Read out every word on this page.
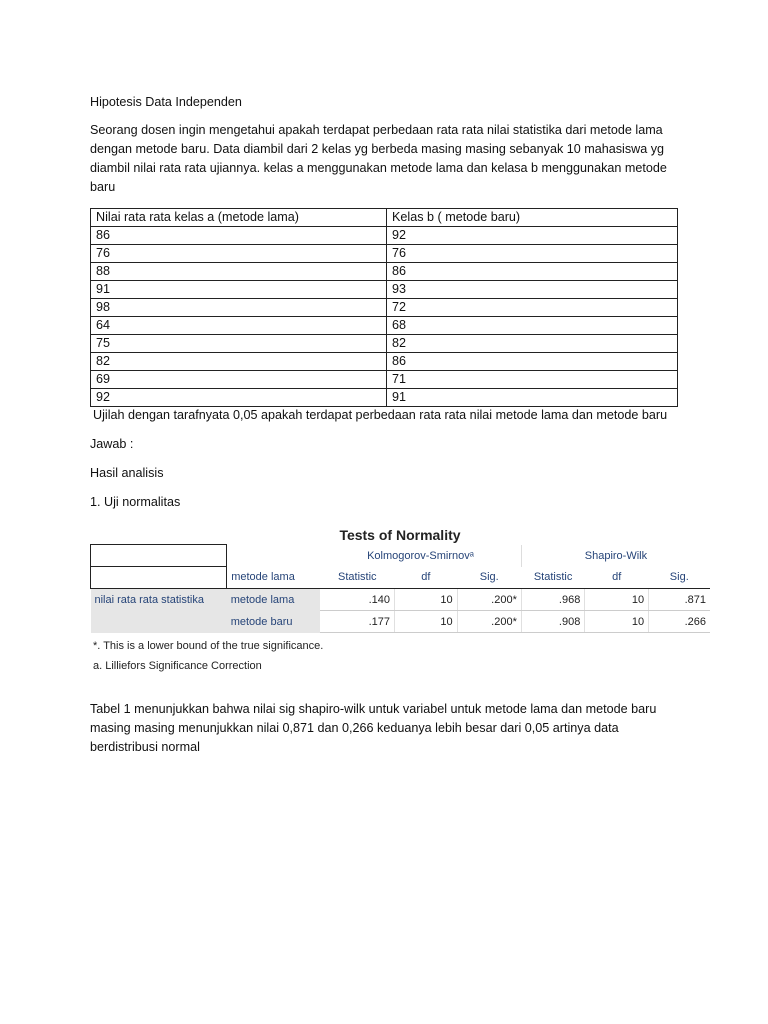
Hipotesis Data Independen

Seorang dosen ingin mengetahui apakah terdapat perbedaan rata rata nilai statistika dari metode lama dengan metode baru. Data diambil dari 2 kelas yg berbeda masing masing sebanyak 10 mahasiswa yg diambil nilai rata rata ujiannya. kelas a menggunakan metode lama dan kelasa b menggunakan metode baru

Nilai rata rata kelas a (metode lama)	Kelas b ( metode baru)
86	92
76	76
88	86
91	93
98	72
64	68
75	82
82	86
69	71
92	91

Ujilah dengan tarafnyata 0,05 apakah terdapat perbedaan rata rata nilai metode lama dan metode baru

Jawab :

Hasil analisis

1. Uji normalitas

Tabel 1 menunjukkan bahwa nilai sig shapiro-wilk untuk variabel untuk metode lama dan metode baru masing masing menunjukkan nilai 0,871 dan 0,266 keduanya lebih besar dari 0,05 artinya data berdistribusi normal

Tests of Normality
		Kolmogorov-Smirnovᵃ			Shapiro-Wilk		
	metode lama	Statistic	df	Sig.	Statistic	df	Sig.
nilai rata rata statistika	metode lama	.140	10	.200*	.968	10	.871
	metode baru	.177	10	.200*	.908	10	.266
*. This is a lower bound of the true significance.
a. Lilliefors Significance Correction
